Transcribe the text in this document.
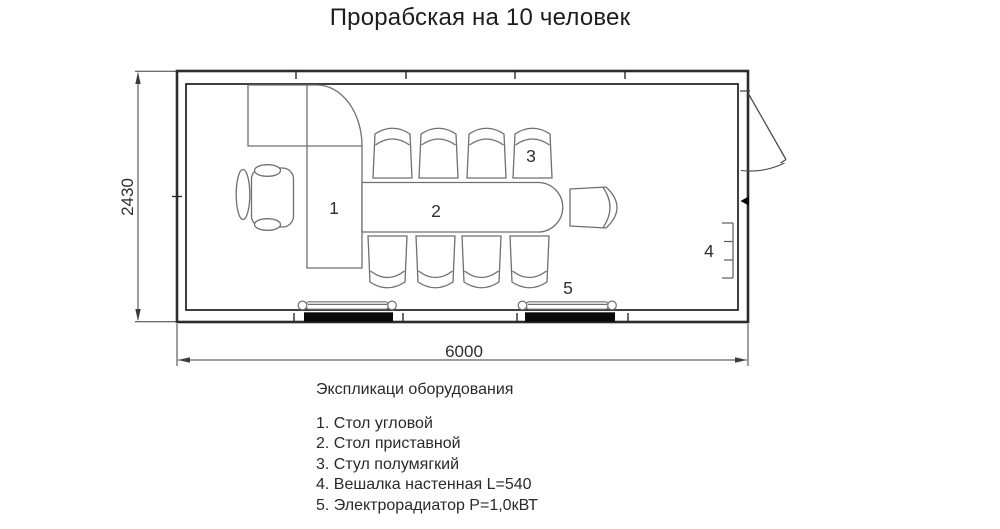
Прорабская на 10 человек
1	2
3
4
5
2430
6000
Экспликаци оборудования
1. Стол угловой
2. Стол приставной
3. Стул полумягкий
4. Вешалка настенная L=540
5. Электрорадиатор P=1,0кВТ
